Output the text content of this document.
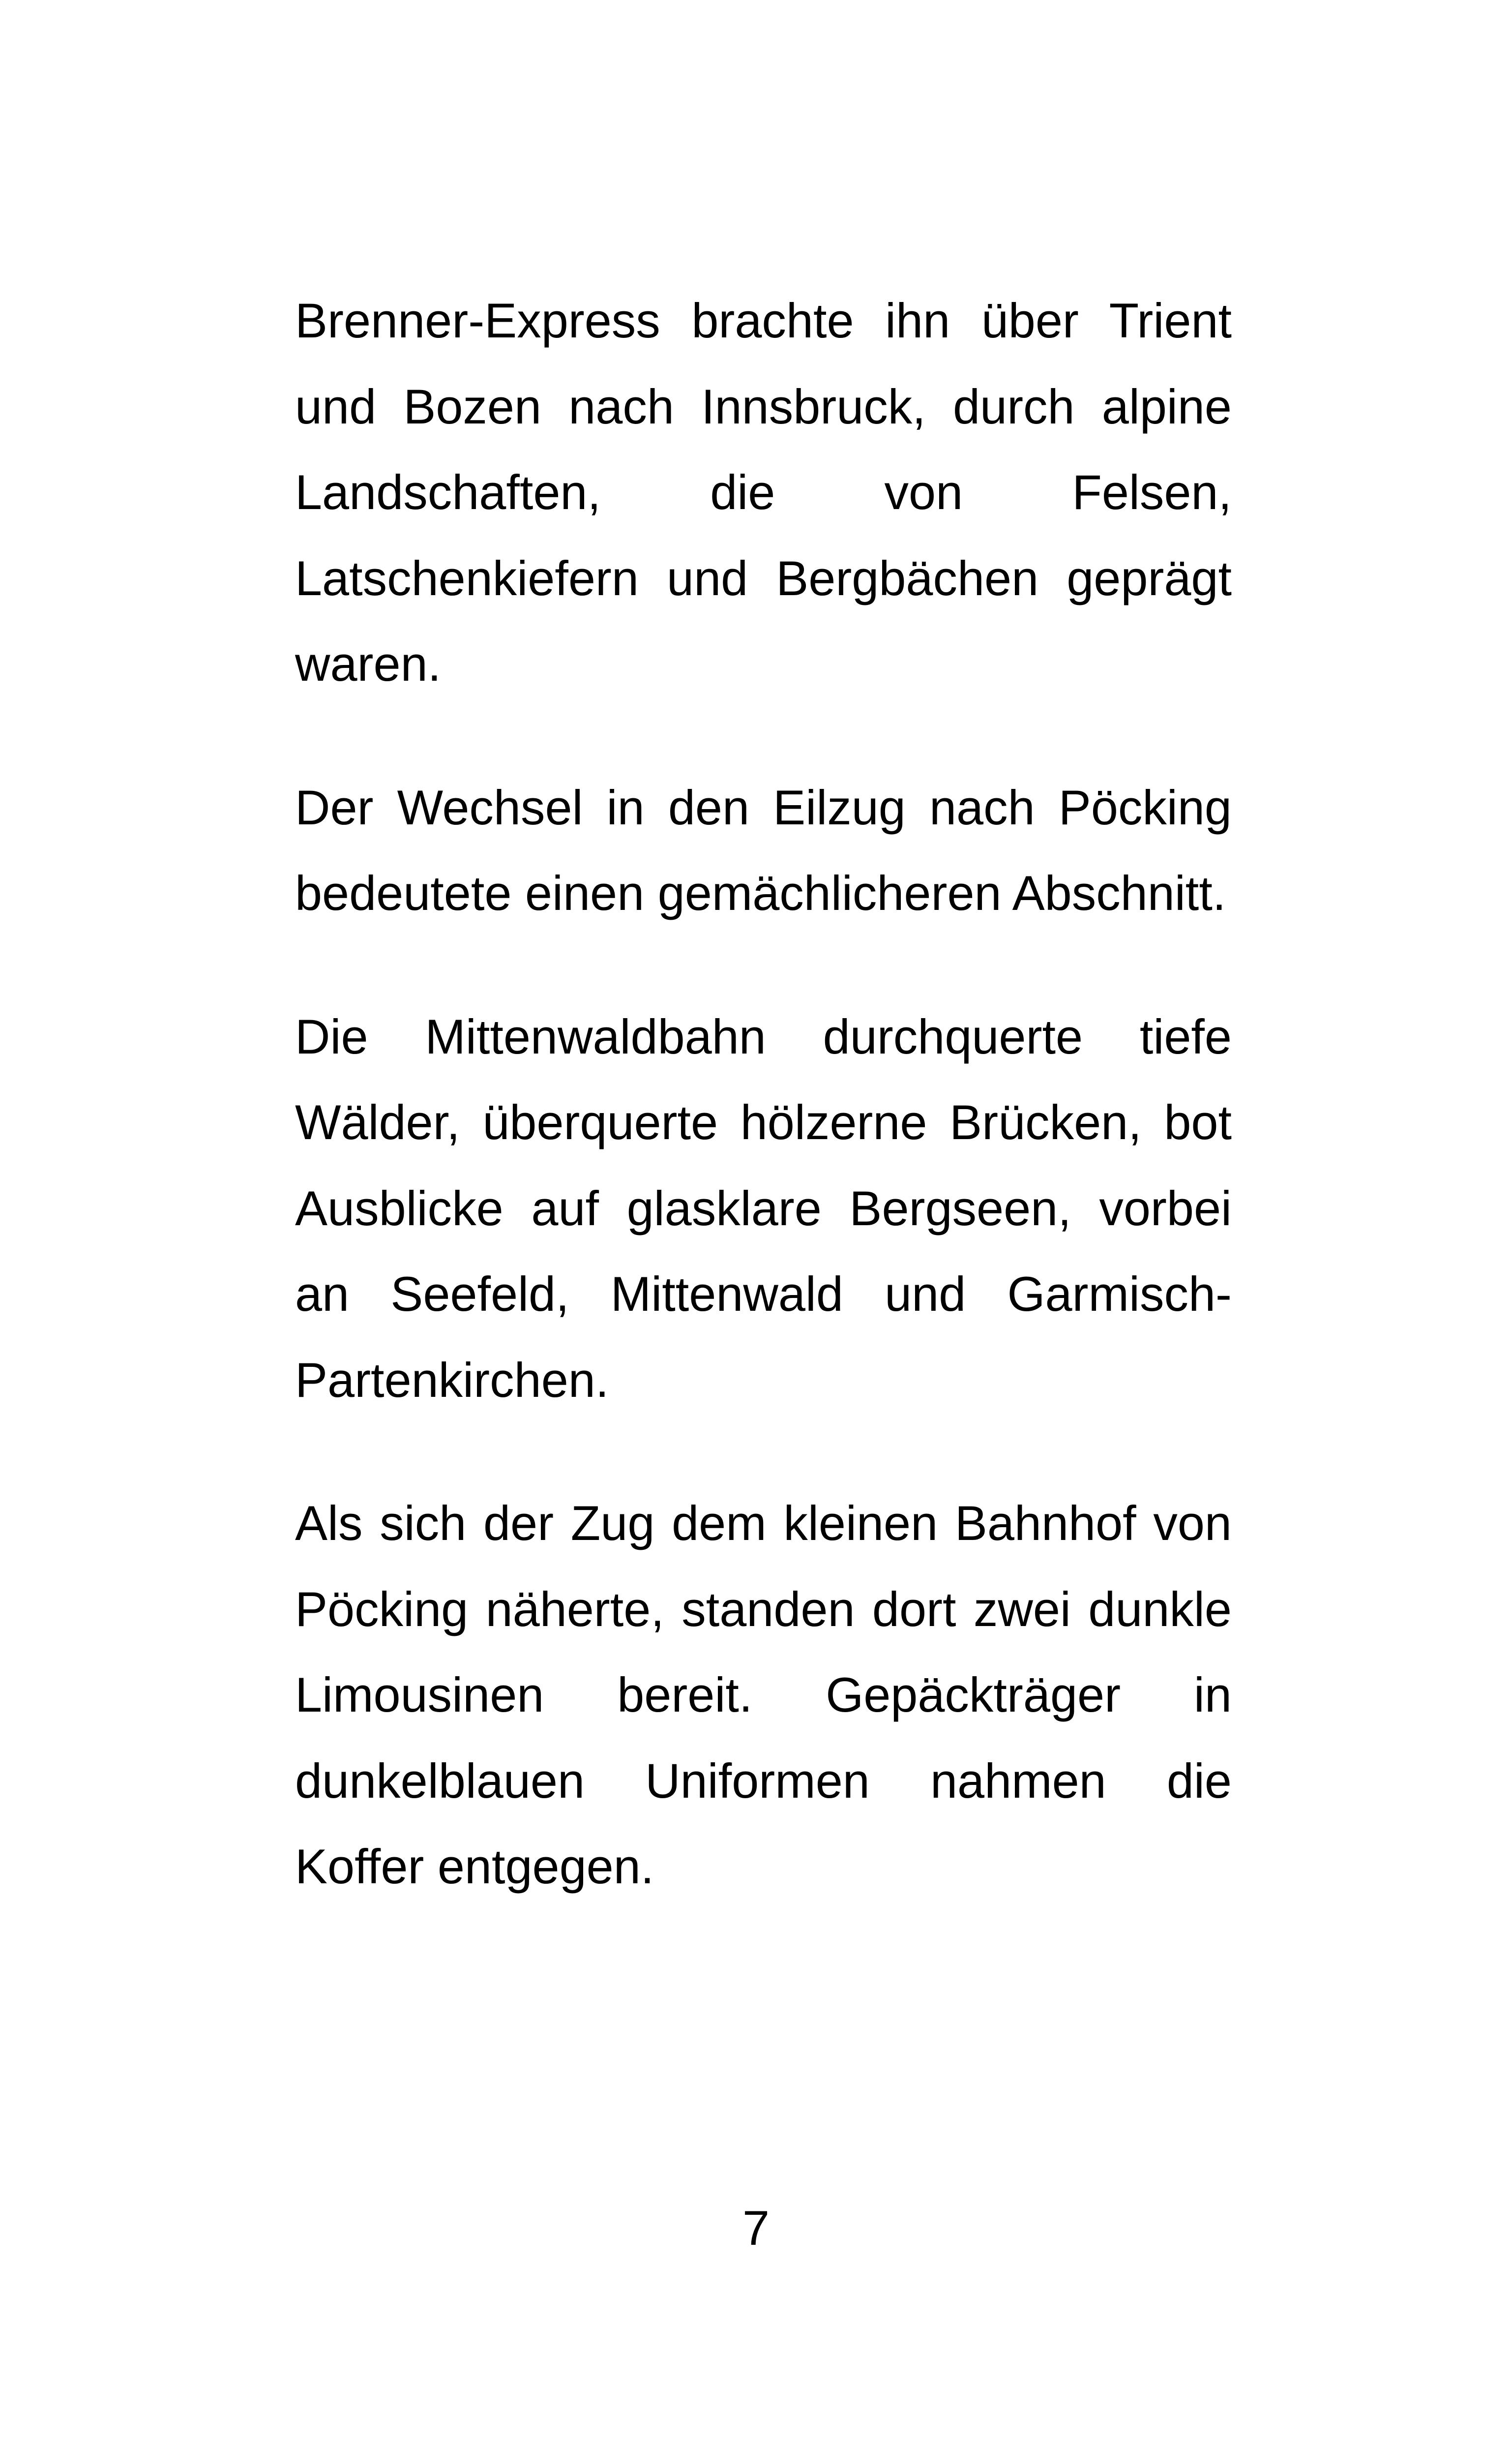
Brenner-Express brachte ihn über Trient und Bozen nach Innsbruck, durch alpine Landschaften, die von Felsen, Latschenkiefern und Bergbächen geprägt waren.

Der Wechsel in den Eilzug nach Pöcking bedeutete einen gemächlicheren Abschnitt.

Die Mittenwaldbahn durchquerte tiefe Wälder, überquerte hölzerne Brücken, bot Ausblicke auf glasklare Bergseen, vorbei an Seefeld, Mittenwald und Garmisch-Partenkirchen.

Als sich der Zug dem kleinen Bahnhof von Pöcking näherte, standen dort zwei dunkle Limousinen bereit. Gepäckträger in dunkelblauen Uniformen nahmen die Koffer entgegen.

7
